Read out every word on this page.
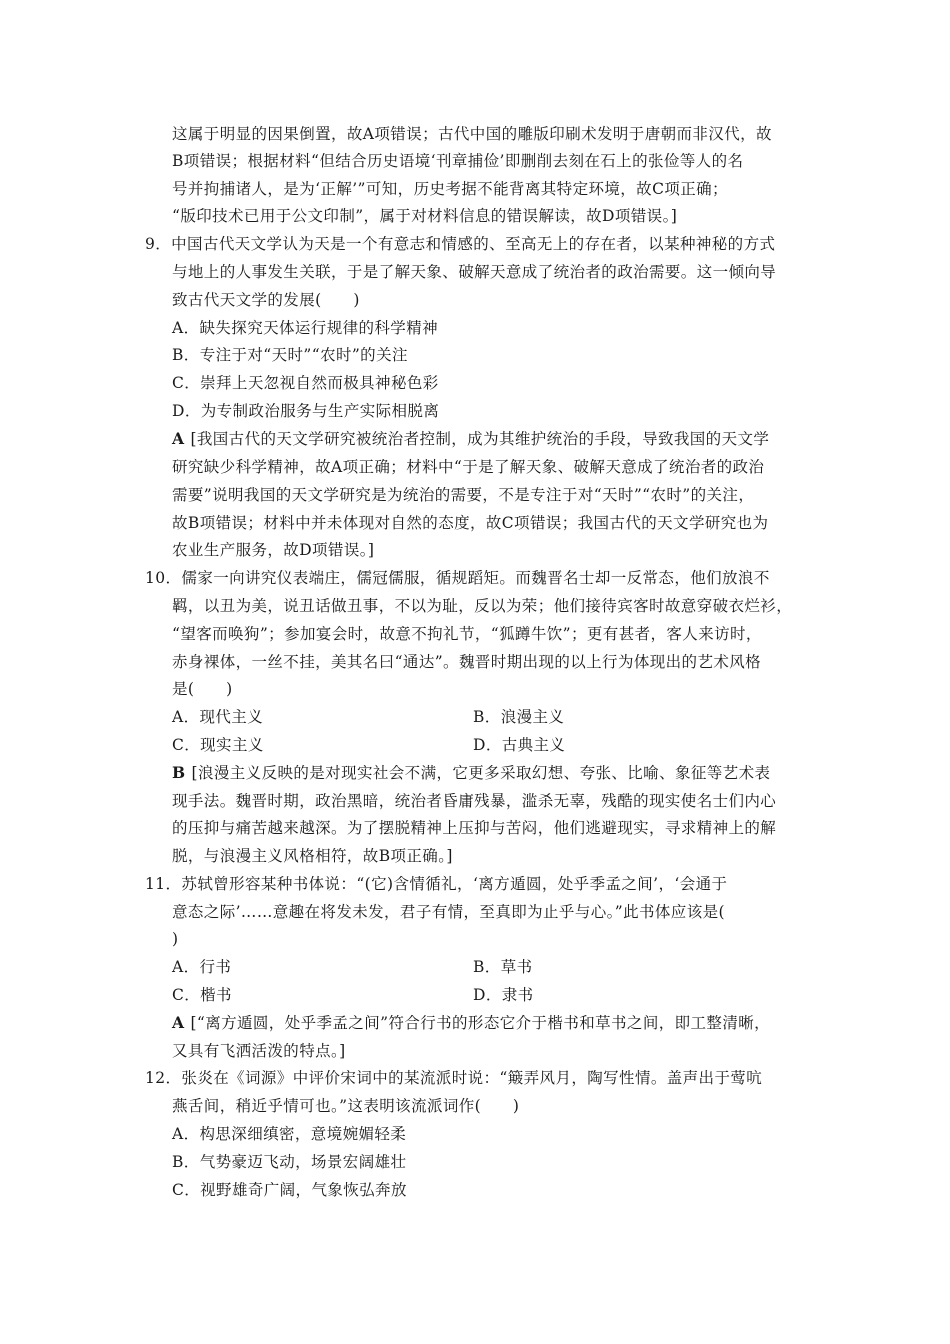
这属于明显的因果倒置，故A项错误；古代中国的雕版印刷术发明于唐朝而非汉代，故
B项错误；根据材料“但结合历史语境‘刊章捕俭’即删削去刻在石上的张俭等人的名
号并拘捕诸人，是为‘正解’”可知，历史考据不能背离其特定环境，故C项正确；
“版印技术已用于公文印制”，属于对材料信息的错误解读，故D项错误。]
9．中国古代天文学认为天是一个有意志和情感的、至高无上的存在者，以某种神秘的方式
与地上的人事发生关联，于是了解天象、破解天意成了统治者的政治需要。这一倾向导
致古代天文学的发展(　　)
A．缺失探究天体运行规律的科学精神
B．专注于对“天时”“农时”的关注
C．崇拜上天忽视自然而极具神秘色彩
D．为专制政治服务与生产实际相脱离
A [我国古代的天文学研究被统治者控制，成为其维护统治的手段，导致我国的天文学
研究缺少科学精神，故A项正确；材料中“于是了解天象、破解天意成了统治者的政治
需要”说明我国的天文学研究是为统治的需要，不是专注于对“天时”“农时”的关注，
故B项错误；材料中并未体现对自然的态度，故C项错误；我国古代的天文学研究也为
农业生产服务，故D项错误。]
10．儒家一向讲究仪表端庄，儒冠儒服，循规蹈矩。而魏晋名士却一反常态，他们放浪不
羁，以丑为美，说丑话做丑事，不以为耻，反以为荣；他们接待宾客时故意穿破衣烂衫，
“望客而唤狗”；参加宴会时，故意不拘礼节，“狐蹲牛饮”；更有甚者，客人来访时，
赤身裸体，一丝不挂，美其名曰“通达”。魏晋时期出现的以上行为体现出的艺术风格
是(　　)
A．现代主义	B．浪漫主义
C．现实主义	D．古典主义
B [浪漫主义反映的是对现实社会不满，它更多采取幻想、夸张、比喻、象征等艺术表
现手法。魏晋时期，政治黑暗，统治者昏庸残暴，滥杀无辜，残酷的现实使名士们内心
的压抑与痛苦越来越深。为了摆脱精神上压抑与苦闷，他们逃避现实，寻求精神上的解
脱，与浪漫主义风格相符，故B项正确。]
11．苏轼曾形容某种书体说：“(它)含情循礼，‘离方遁圆，处乎季孟之间’，‘会通于
意态之际’……意趣在将发未发，君子有情，至真即为止乎与心。”此书体应该是(
)
A．行书	B．草书
C．楷书	D．隶书
A [“离方遁圆，处乎季孟之间”符合行书的形态它介于楷书和草书之间，即工整清晰，
又具有飞洒活泼的特点。]
12．张炎在《词源》中评价宋词中的某流派时说：“簸弄风月，陶写性情。盖声出于莺吭
燕舌间，稍近乎情可也。”这表明该流派词作(　　)
A．构思深细缜密，意境婉媚轻柔
B．气势豪迈飞动，场景宏阔雄壮
C．视野雄奇广阔，气象恢弘奔放
